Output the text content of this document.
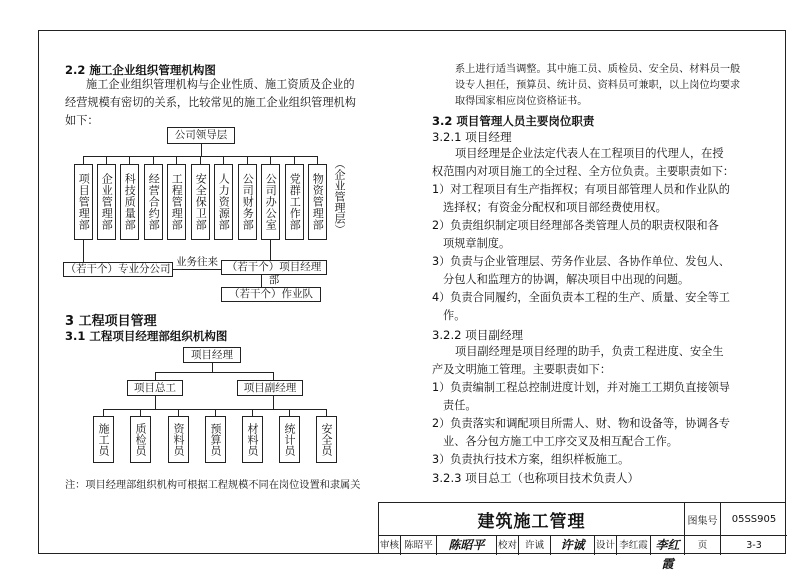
2.2 施工企业组织管理机构图
施工企业组织管理机构与企业性质、施工资质及企业的
经营规模有密切的关系，比较常见的施工企业组织管理机构
如下：
公司领导层
项目管理部 企业管理部 科技质量部 经营合约部 工程管理部 安全保卫部 人力资源部 公司财务部 公司办公室 党群工作部 物资管理部 （企业管理层）
（若干个）专业分公司
业务往来 （若干个）项目经理部
（若干个）作业队
3 工程项目管理
3.1 工程项目经理部组织机构图
项目经理
项目总工	项目副经理
施工员	质检员	资料员	预算员	材料员	统计员	安全员
注：项目经理部组织机构可根据工程规模不同在岗位设置和隶属关
系上进行适当调整。其中施工员、质检员、安全员、材料员一般
设专人担任，预算员、统计员、资料员可兼职，以上岗位均要求
取得国家相应岗位资格证书。
3.2 项目管理人员主要岗位职责
3.2.1 项目经理
项目经理是企业法定代表人在工程项目的代理人，在授
权范围内对项目施工的全过程、全方位负责。主要职责如下：
1）对工程项目有生产指挥权；有项目部管理人员和作业队的
选择权；有资金分配权和项目部经费使用权。
2）负责组织制定项目经理部各类管理人员的职责权限和各
项规章制度。
3）负责与企业管理层、劳务作业层、各协作单位、发包人、
分包人和监理方的协调，解决项目中出现的问题。
4）负责合同履约，全面负责本工程的生产、质量、安全等工
作。
3.2.2 项目副经理
项目副经理是项目经理的助手，负责工程进度、安全生
产及文明施工管理。主要职责如下：
1）负责编制工程总控制进度计划，并对施工工期负直接领导
责任。
2）负责落实和调配项目所需人、财、物和设备等，协调各专
业、各分包方施工中工序交叉及相互配合工作。
3）负责执行技术方案，组织样板施工。
3.2.3 项目总工（也称项目技术负责人）
建筑施工管理	图集号	05SS905
审核 陈昭平	陈昭平	校对 许诚	许诚	设计 李红霞 李红霞
页	3-3
